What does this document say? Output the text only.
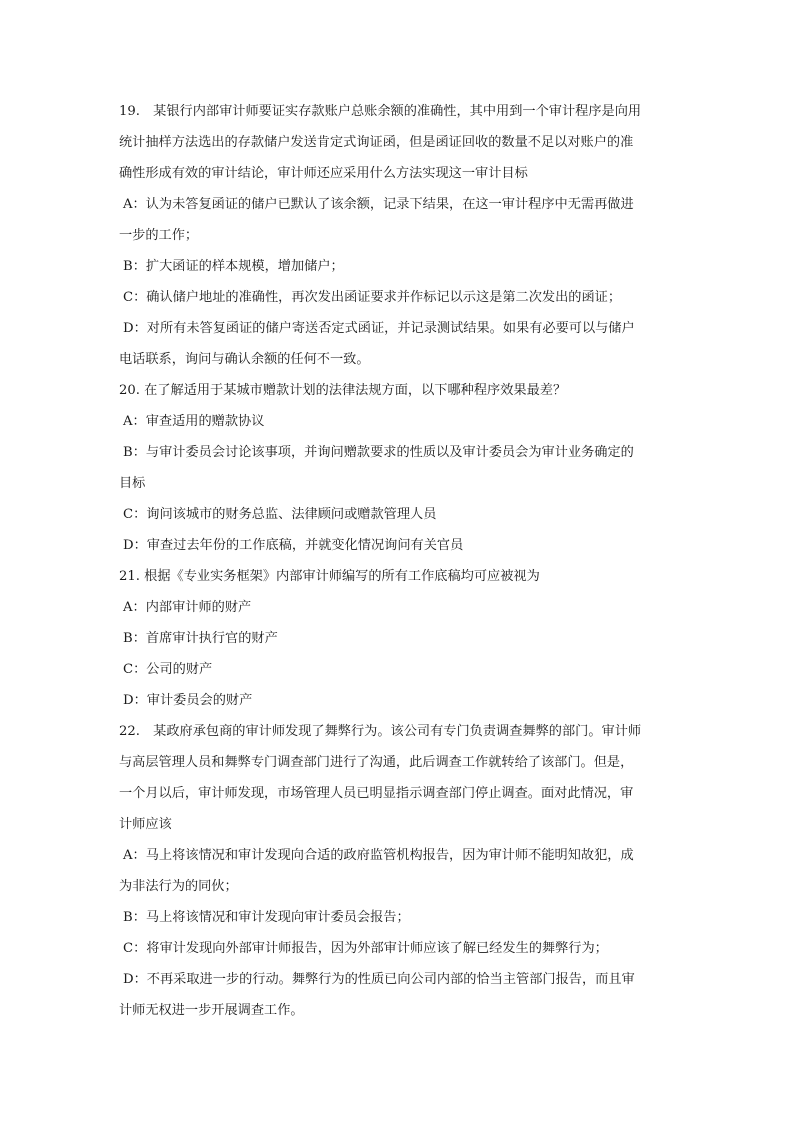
19.　某银行内部审计师要证实存款账户总账余额的准确性，其中用到一个审计程序是向用
统计抽样方法选出的存款储户发送肯定式询证函，但是函证回收的数量不足以对账户的准
确性形成有效的审计结论，审计师还应采用什么方法实现这一审计目标
A：认为未答复函证的储户已默认了该余额，记录下结果，在这一审计程序中无需再做进
一步的工作；
B：扩大函证的样本规模，增加储户；
C：确认储户地址的准确性，再次发出函证要求并作标记以示这是第二次发出的函证；
D：对所有未答复函证的储户寄送否定式函证，并记录测试结果。如果有必要可以与储户
电话联系，询问与确认余额的任何不一致。
20. 在了解适用于某城市赠款计划的法律法规方面，以下哪种程序效果最差？
A：审查适用的赠款协议
B：与审计委员会讨论该事项，并询问赠款要求的性质以及审计委员会为审计业务确定的
目标
C：询问该城市的财务总监、法律顾问或赠款管理人员
D：审查过去年份的工作底稿，并就变化情况询问有关官员
21. 根据《专业实务框架》内部审计师编写的所有工作底稿均可应被视为
A：内部审计师的财产
B：首席审计执行官的财产
C：公司的财产
D：审计委员会的财产
22.　某政府承包商的审计师发现了舞弊行为。该公司有专门负责调查舞弊的部门。审计师
与高层管理人员和舞弊专门调查部门进行了沟通，此后调查工作就转给了该部门。但是，
一个月以后，审计师发现，市场管理人员已明显指示调查部门停止调查。面对此情况，审
计师应该
A：马上将该情况和审计发现向合适的政府监管机构报告，因为审计师不能明知故犯，成
为非法行为的同伙；
B：马上将该情况和审计发现向审计委员会报告；
C：将审计发现向外部审计师报告，因为外部审计师应该了解已经发生的舞弊行为；
D：不再采取进一步的行动。舞弊行为的性质已向公司内部的恰当主管部门报告，而且审
计师无权进一步开展调查工作。
